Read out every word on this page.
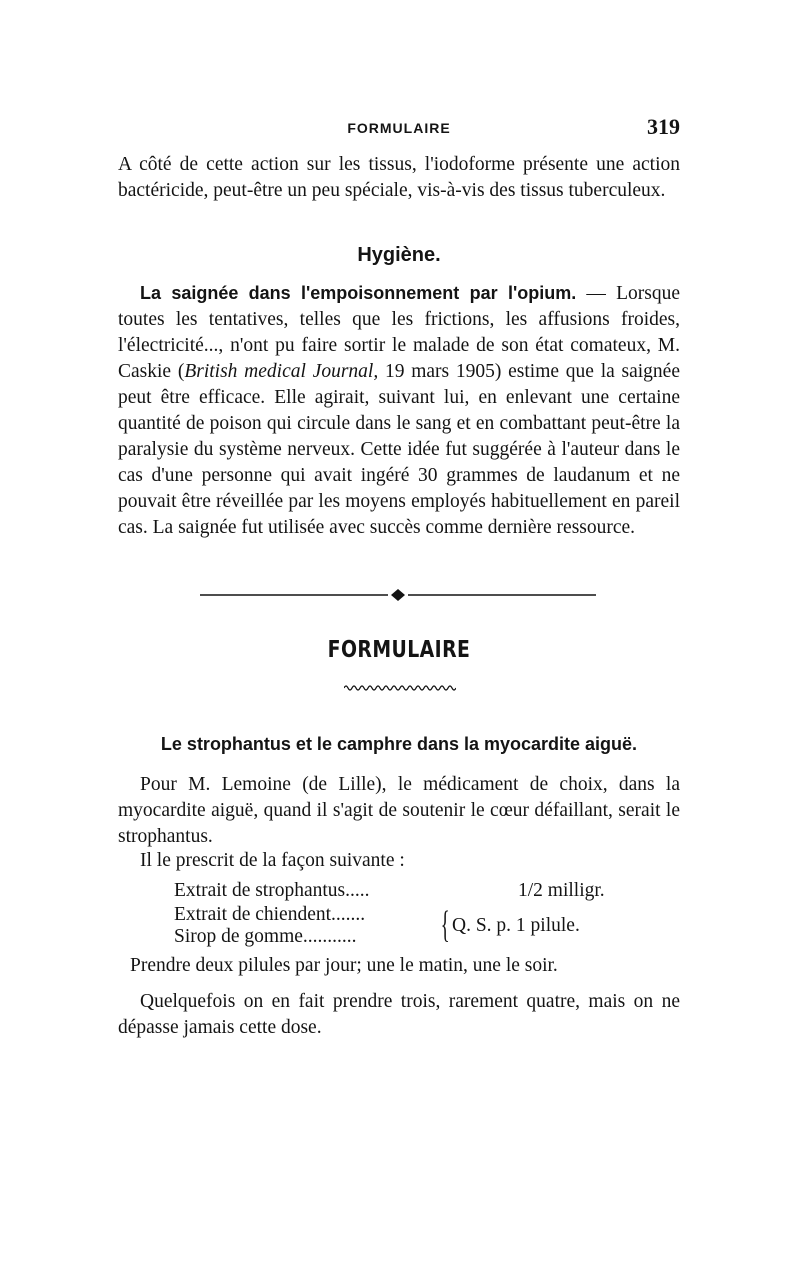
FORMULAIRE	319
A côté de cette action sur les tissus, l'iodoforme présente une action bactéricide, peut-être un peu spéciale, vis-à-vis des tissus tuberculeux.
Hygiène.
La saignée dans l'empoisonnement par l'opium. — Lorsque toutes les tentatives, telles que les frictions, les affusions froides, l'électricité..., n'ont pu faire sortir le malade de son état comateux, M. Caskie (British medical Journal, 19 mars 1905) estime que la saignée peut être efficace. Elle agirait, suivant lui, en enlevant une certaine quantité de poison qui circule dans le sang et en combattant peut-être la paralysie du système nerveux. Cette idée fut suggérée à l'auteur dans le cas d'une personne qui avait ingéré 30 grammes de laudanum et ne pouvait être réveillée par les moyens employés habituellement en pareil cas. La saignée fut utilisée avec succès comme dernière ressource.
FORMULAIRE
Le strophantus et le camphre dans la myocardite aiguë.
Pour M. Lemoine (de Lille), le médicament de choix, dans la myocardite aiguë, quand il s'agit de soutenir le cœur défaillant, serait le strophantus.
Il le prescrit de la façon suivante :
Extrait de strophantus.....	1/2 milligr.
Extrait de chiendent.......
Sirop de gomme........... { Q. S. p. 1 pilule.
Prendre deux pilules par jour; une le matin, une le soir.
Quelquefois on en fait prendre trois, rarement quatre, mais on ne dépasse jamais cette dose.
